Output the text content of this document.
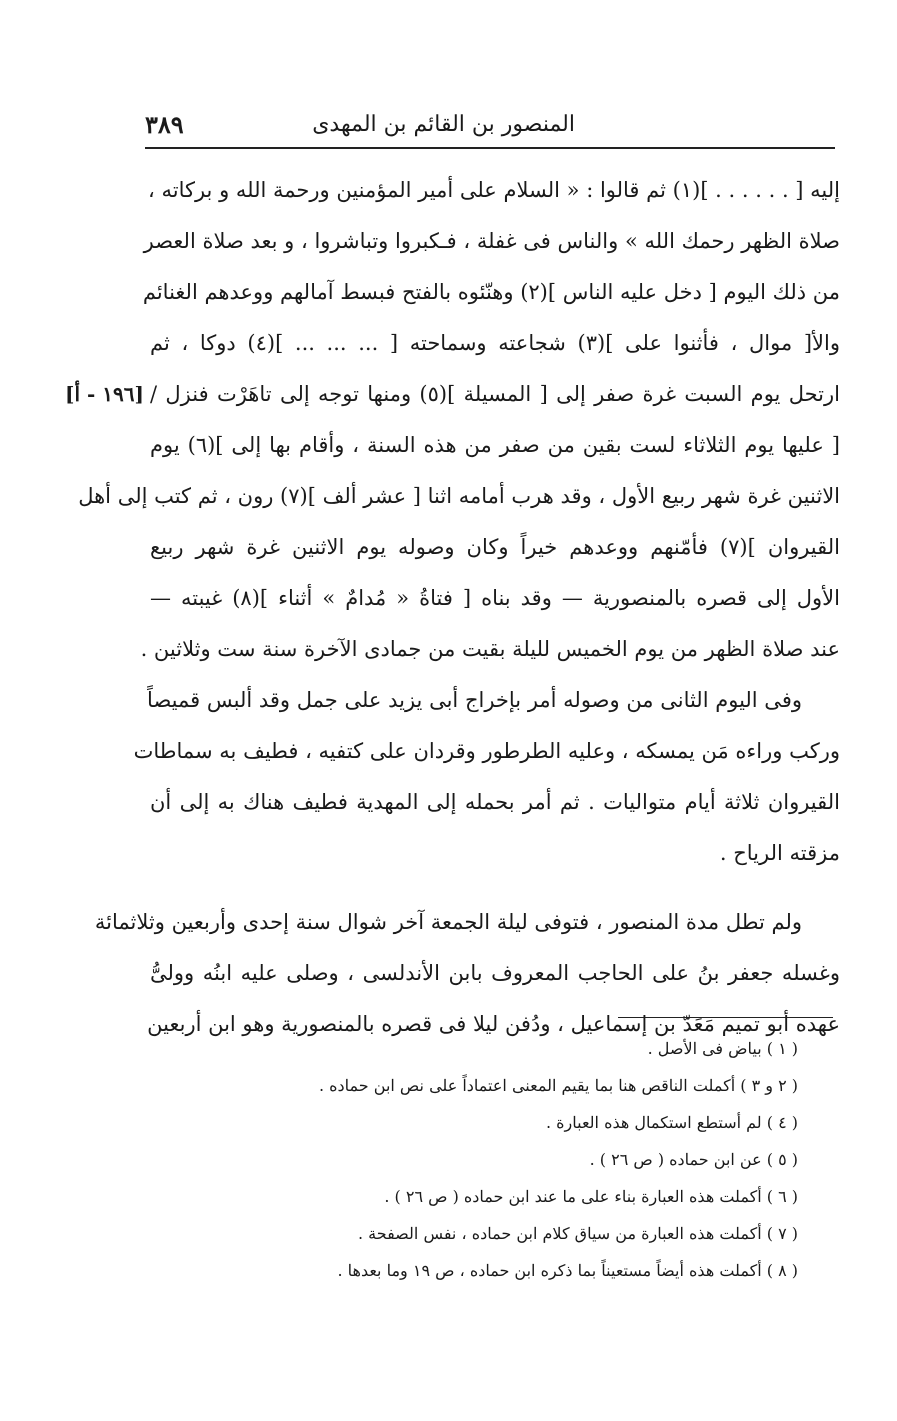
٣٨٩	المنصور بن القائم بن المهدى
[١٩٦ - أ]
إليه [ . . . . . . ](١) ثم قالوا : « السلام على أمير المؤمنين ورحمة الله و بركاته ،
صلاة الظهر رحمك الله » والناس فى غفلة ، فـكبروا وتباشروا ، و بعد صلاة العصر
من ذلك اليوم [ دخل عليه الناس ](٢) وهنّئوه بالفتح فبسط آمالهم ووعدهم الغنائم
والأ[ موال ، فأثنوا على ](٣) شجاعته وسماحته [ ... ... ... ](٤) دوكا ، ثم
ارتحل يوم السبت غرة صفر إلى [ المسيلة ](٥) ومنها توجه إلى تاهَرْت فنزل /
[ عليها يوم الثلاثاء لست بقين من صفر من هذه السنة ، وأقام بها إلى ](٦) يوم
الاثنين غرة شهر ربيع الأول ، وقد هرب أمامه اثنا [ عشر ألف ](٧) رون ، ثم كتب إلى أهل
القيروان ](٧) فأمّنهم ووعدهم خيراً وكان وصوله يوم الاثنين غرة شهر ربيع
الأول إلى قصره بالمنصورية — وقد بناه [ فتاةُ « مُدامٌ » أثناء ](٨) غيبته —
عند صلاة الظهر من يوم الخميس لليلة بقيت من جمادى الآخرة سنة ست وثلاثين .
وفى اليوم الثانى من وصوله أمر بإخراج أبى يزيد على جمل وقد ألبس قميصاً
وركب وراءه مَن يمسكه ، وعليه الطرطور وقردان على كتفيه ، فطيف به سماطات
القيروان ثلاثة أيام متواليات . ثم أمر بحمله إلى المهدية فطيف هناك به إلى أن
مزقته الرياح .
ولم تطل مدة المنصور ، فتوفى ليلة الجمعة آخر شوال سنة إحدى وأربعين وثلاثمائة
وغسله جعفر بنُ على الحاجب المعروف بابن الأندلسى ، وصلى عليه ابنُه وولىُّ
عهده أبو تميم مَعَدّ بن إسماعيل ، ودُفن ليلا فى قصره بالمنصورية وهو ابن أربعين
( ١ ) بياض فى الأصل .
( ٢ و ٣ ) أكملت الناقص هنا بما يقيم المعنى اعتماداً على نص ابن حماده .
( ٤ ) لم أستطع استكمال هذه العبارة .
( ٥ ) عن ابن حماده ( ص ٢٦ ) .
( ٦ ) أكملت هذه العبارة بناء على ما عند ابن حماده ( ص ٢٦ ) .
( ٧ ) أكملت هذه العبارة من سياق كلام ابن حماده ، نفس الصفحة .
( ٨ ) أكملت هذه أيضاً مستعيناً بما ذكره ابن حماده ، ص ١٩ وما بعدها .
